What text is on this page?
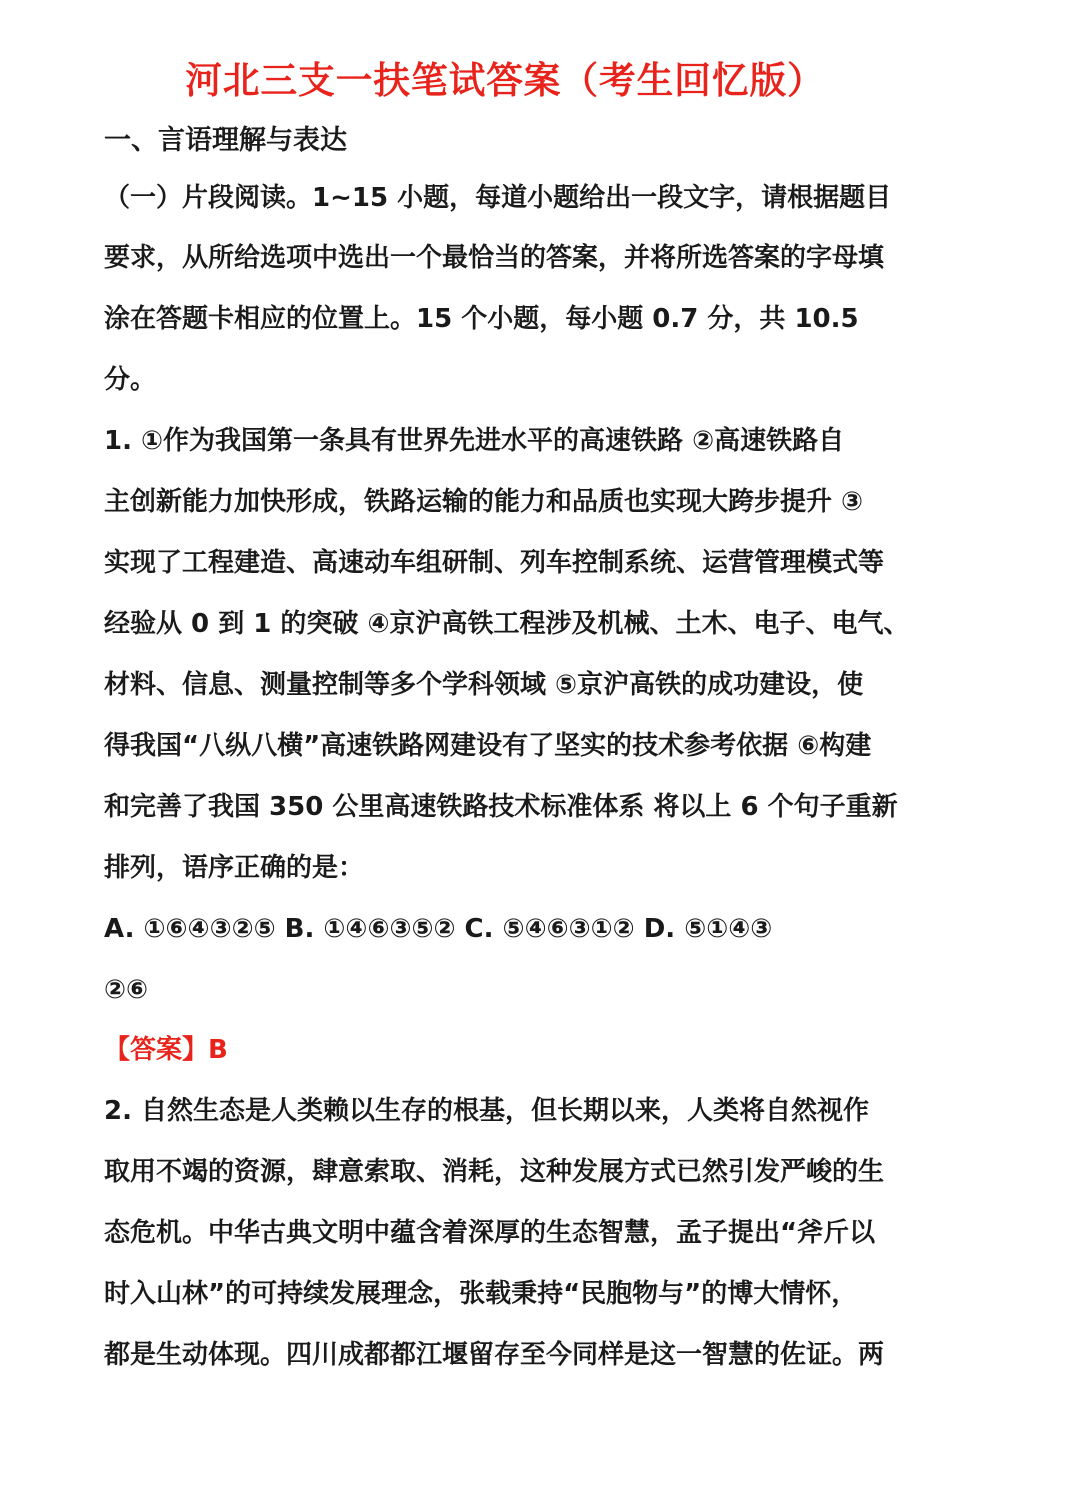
河北三支一扶笔试答案（考生回忆版）
一、言语理解与表达
（一）片段阅读。1~15 小题，每道小题给出一段文字，请根据题目
要求，从所给选项中选出一个最恰当的答案，并将所选答案的字母填
涂在答题卡相应的位置上。15 个小题，每小题 0.7 分，共 10.5
分。
1. ①作为我国第一条具有世界先进水平的高速铁路 ②高速铁路自
主创新能力加快形成，铁路运输的能力和品质也实现大跨步提升 ③
实现了工程建造、高速动车组研制、列车控制系统、运营管理模式等
经验从 0 到 1 的突破 ④京沪高铁工程涉及机械、土木、电子、电气、
材料、信息、测量控制等多个学科领域 ⑤京沪高铁的成功建设，使
得我国“八纵八横”高速铁路网建设有了坚实的技术参考依据 ⑥构建
和完善了我国 350 公里高速铁路技术标准体系 将以上 6 个句子重新
排列，语序正确的是：
A. ①⑥④③②⑤ B. ①④⑥③⑤② C. ⑤④⑥③①② D. ⑤①④③
②⑥
【答案】B
2. 自然生态是人类赖以生存的根基，但长期以来，人类将自然视作
取用不竭的资源，肆意索取、消耗，这种发展方式已然引发严峻的生
态危机。中华古典文明中蕴含着深厚的生态智慧，孟子提出“斧斤以
时入山林”的可持续发展理念，张载秉持“民胞物与”的博大情怀，
都是生动体现。四川成都都江堰留存至今同样是这一智慧的佐证。两
